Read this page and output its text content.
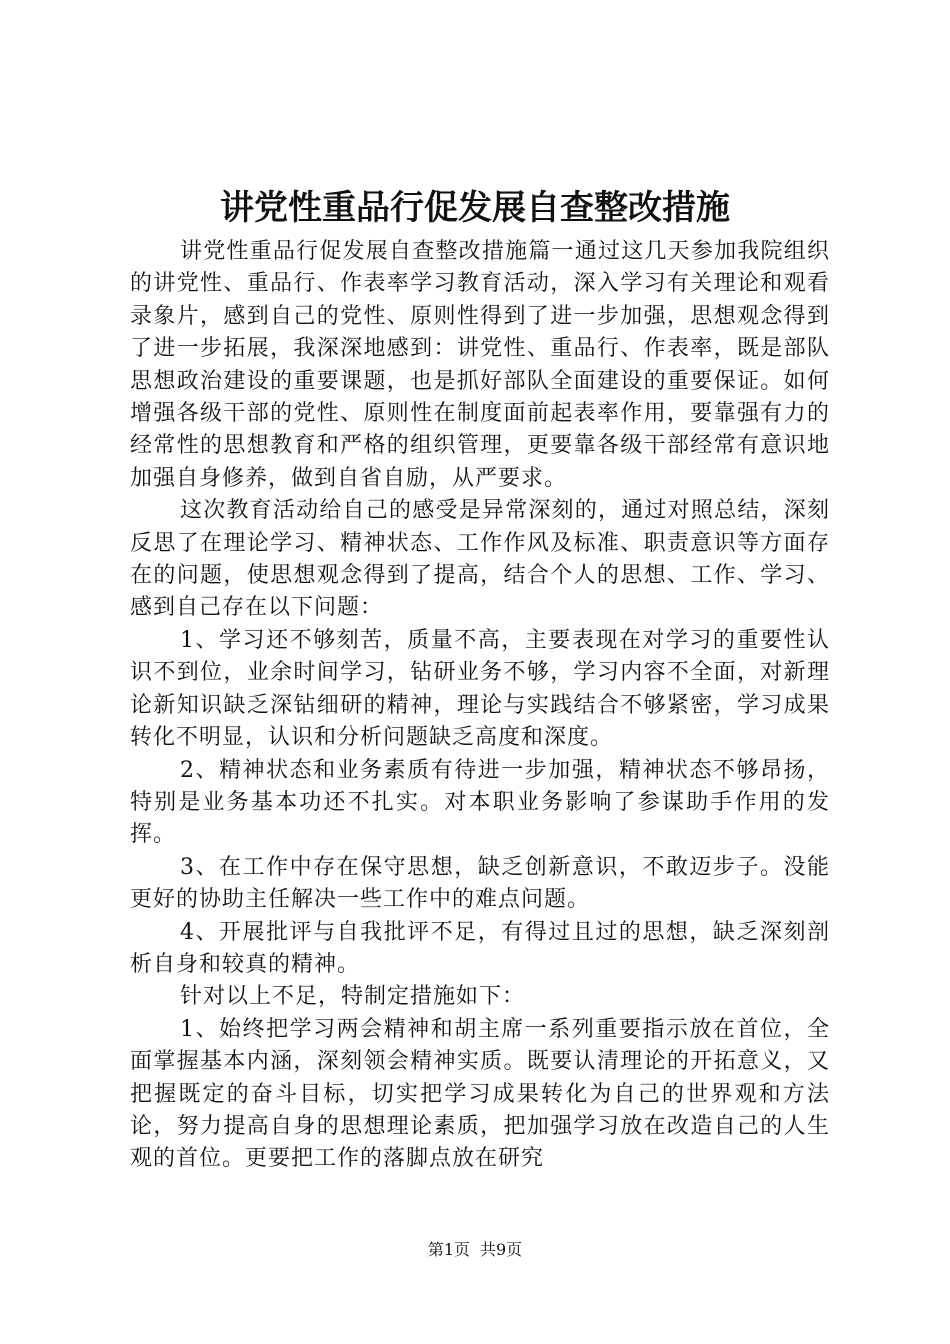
讲党性重品行促发展自查整改措施

讲党性重品行促发展自查整改措施篇一通过这几天参加我院组织的讲党性、重品行、作表率学习教育活动，深入学习有关理论和观看录象片，感到自己的党性、原则性得到了进一步加强，思想观念得到了进一步拓展，我深深地感到：讲党性、重品行、作表率，既是部队思想政治建设的重要课题，也是抓好部队全面建设的重要保证。如何增强各级干部的党性、原则性在制度面前起表率作用，要靠强有力的经常性的思想教育和严格的组织管理，更要靠各级干部经常有意识地加强自身修养，做到自省自励，从严要求。

这次教育活动给自己的感受是异常深刻的，通过对照总结，深刻反思了在理论学习、精神状态、工作作风及标准、职责意识等方面存在的问题，使思想观念得到了提高，结合个人的思想、工作、学习、感到自己存在以下问题：

1、学习还不够刻苦，质量不高，主要表现在对学习的重要性认识不到位，业余时间学习，钻研业务不够，学习内容不全面，对新理论新知识缺乏深钻细研的精神，理论与实践结合不够紧密，学习成果转化不明显，认识和分析问题缺乏高度和深度。

2、精神状态和业务素质有待进一步加强，精神状态不够昂扬，特别是业务基本功还不扎实。对本职业务影响了参谋助手作用的发挥。

3、在工作中存在保守思想，缺乏创新意识，不敢迈步子。没能更好的协助主任解决一些工作中的难点问题。

4、开展批评与自我批评不足，有得过且过的思想，缺乏深刻剖析自身和较真的精神。

针对以上不足，特制定措施如下：

1、始终把学习两会精神和胡主席一系列重要指示放在首位，全面掌握基本内涵，深刻领会精神实质。既要认清理论的开拓意义，又把握既定的奋斗目标，切实把学习成果转化为自己的世界观和方法论，努力提高自身的思想理论素质，把加强学习放在改造自己的人生观的首位。更要把工作的落脚点放在研究

第1页 共9页
